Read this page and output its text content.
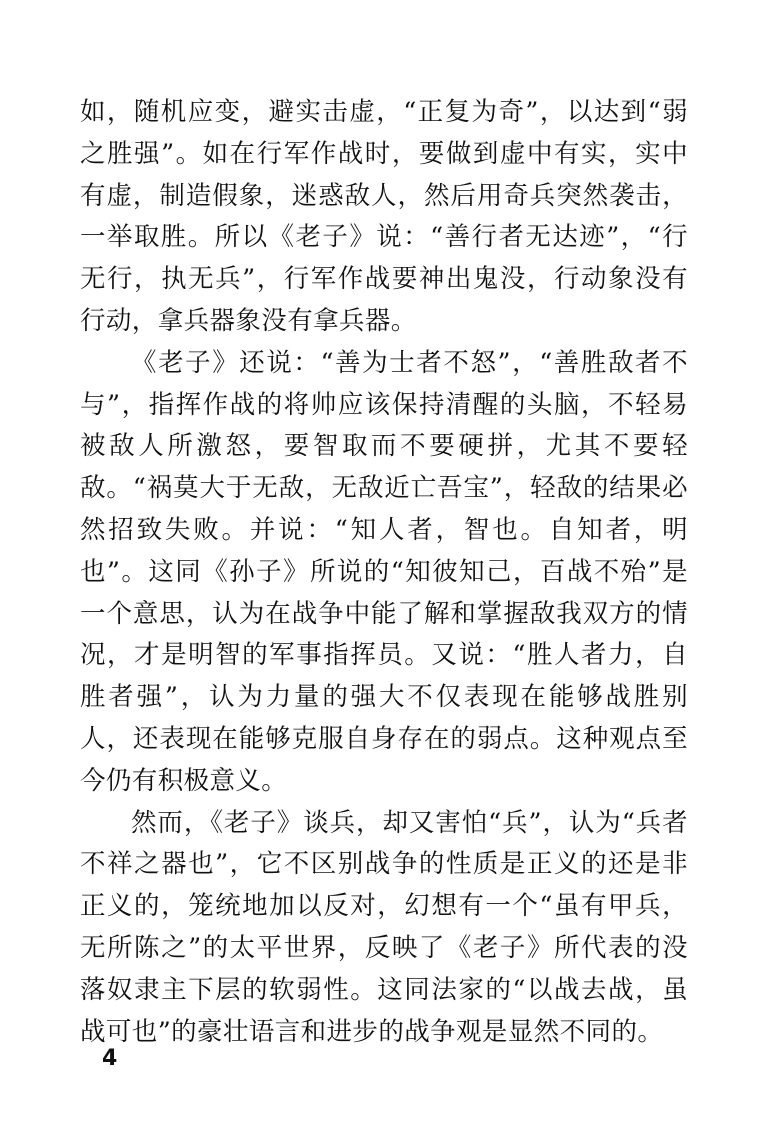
如，随机应变，避实击虚，“正复为奇”，以达到“弱之胜强”。如在行军作战时，要做到虚中有实，实中有虚，制造假象，迷惑敌人，然后用奇兵突然袭击，一举取胜。所以《老子》说：“善行者无达迹”，“行无行，执无兵”，行军作战要神出鬼没，行动象没有行动，拿兵器象没有拿兵器。

《老子》还说：“善为士者不怒”，“善胜敌者不与”，指挥作战的将帅应该保持清醒的头脑，不轻易被敌人所激怒，要智取而不要硬拼，尤其不要轻敌。“祸莫大于无敌，无敌近亡吾宝”，轻敌的结果必然招致失败。并说：“知人者，智也。自知者，明也”。这同《孙子》所说的“知彼知己，百战不殆”是一个意思，认为在战争中能了解和掌握敌我双方的情况，才是明智的军事指挥员。又说：“胜人者力，自胜者强”，认为力量的强大不仅表现在能够战胜别人，还表现在能够克服自身存在的弱点。这种观点至今仍有积极意义。

然而，《老子》谈兵，却又害怕“兵”，认为“兵者不祥之器也”，它不区别战争的性质是正义的还是非正义的，笼统地加以反对，幻想有一个“虽有甲兵，无所陈之”的太平世界，反映了《老子》所代表的没落奴隶主下层的软弱性。这同法家的“以战去战，虽战可也”的豪壮语言和进步的战争观是显然不同的。

4
